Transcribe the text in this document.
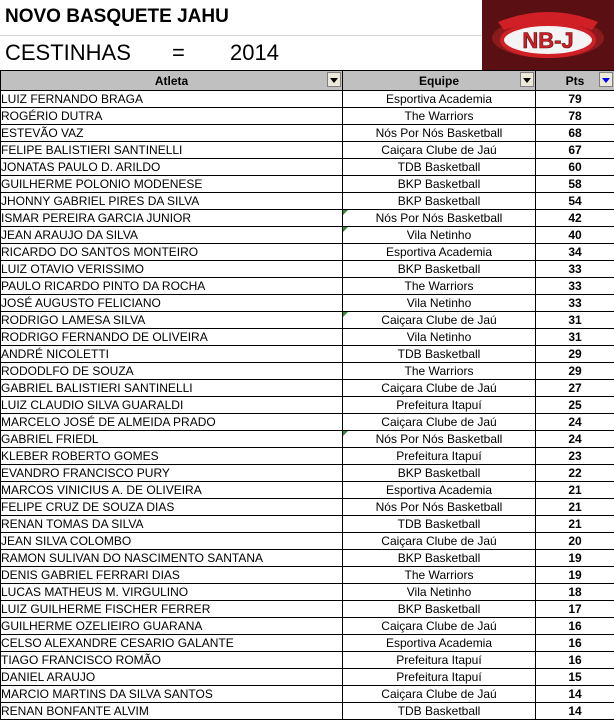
NOVO BASQUETE JAHU
CESTINHAS = 2014	NB-J
Atleta	Equipe	Pts

LUIZ FERNANDO BRAGA	Esportiva Academia	79
ROGÉRIO DUTRA	The Warriors	78
ESTEVÃO VAZ	Nós Por Nós Basketball	68
FELIPE BALISTIERI SANTINELLI	Caiçara Clube de Jaú	67
JONATAS PAULO D. ARILDO	TDB Basketball	60
GUILHERME POLONIO MODENESE	BKP Basketball	58
JHONNY GABRIEL PIRES DA SILVA	BKP Basketball	54
ISMAR PEREIRA GARCIA JUNIOR	Nós Por Nós Basketball	42
JEAN ARAUJO DA SILVA	Vila Netinho	40
RICARDO DO SANTOS MONTEIRO	Esportiva Academia	34
LUIZ OTAVIO VERISSIMO	BKP Basketball	33
PAULO RICARDO PINTO DA ROCHA	The Warriors	33
JOSÉ AUGUSTO FELICIANO	Vila Netinho	33
RODRIGO LAMESA SILVA	Caiçara Clube de Jaú	31
RODRIGO FERNANDO DE OLIVEIRA	Vila Netinho	31
ANDRÉ NICOLETTI	TDB Basketball	29
RODODLFO DE SOUZA	The Warriors	29
GABRIEL BALISTIERI SANTINELLI	Caiçara Clube de Jaú	27
LUIZ CLAUDIO SILVA GUARALDI	Prefeitura Itapuí	25
MARCELO JOSÉ DE ALMEIDA PRADO	Caiçara Clube de Jaú	24
GABRIEL FRIEDL	Nós Por Nós Basketball	24
KLEBER ROBERTO GOMES	Prefeitura Itapuí	23
EVANDRO FRANCISCO PURY	BKP Basketball	22
MARCOS VINICIUS A. DE OLIVEIRA	Esportiva Academia	21
FELIPE CRUZ DE SOUZA DIAS	Nós Por Nós Basketball	21
RENAN TOMAS DA SILVA	TDB Basketball	21
JEAN SILVA COLOMBO	Caiçara Clube de Jaú	20
RAMON SULIVAN DO NASCIMENTO SANTANA	BKP Basketball	19
DENIS GABRIEL FERRARI DIAS	The Warriors	19
LUCAS MATHEUS M. VIRGULINO	Vila Netinho	18
LUIZ GUILHERME FISCHER FERRER	BKP Basketball	17
GUILHERME OZELIEIRO GUARANA	Caiçara Clube de Jaú	16
CELSO ALEXANDRE CESARIO GALANTE	Esportiva Academia	16
TIAGO FRANCISCO ROMÃO	Prefeitura Itapuí	16
DANIEL ARAUJO	Prefeitura Itapuí	15
MARCIO MARTINS DA SILVA SANTOS	Caiçara Clube de Jaú	14
RENAN BONFANTE ALVIM	TDB Basketball	14
